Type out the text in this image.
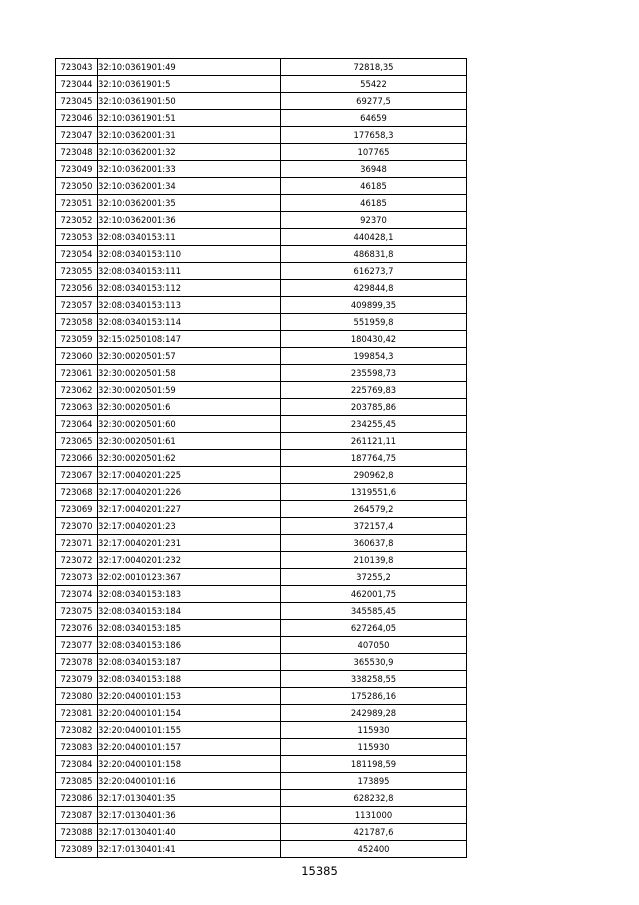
723043	32:10:0361901:49	72818,35
723044	32:10:0361901:5	55422
723045	32:10:0361901:50	69277,5
723046	32:10:0361901:51	64659
723047	32:10:0362001:31	177658,3
723048	32:10:0362001:32	107765
723049	32:10:0362001:33	36948
723050	32:10:0362001:34	46185
723051	32:10:0362001:35	46185
723052	32:10:0362001:36	92370
723053	32:08:0340153:11	440428,1
723054	32:08:0340153:110	486831,8
723055	32:08:0340153:111	616273,7
723056	32:08:0340153:112	429844,8
723057	32:08:0340153:113	409899,35
723058	32:08:0340153:114	551959,8
723059	32:15:0250108:147	180430,42
723060	32:30:0020501:57	199854,3
723061	32:30:0020501:58	235598,73
723062	32:30:0020501:59	225769,83
723063	32:30:0020501:6	203785,86
723064	32:30:0020501:60	234255,45
723065	32:30:0020501:61	261121,11
723066	32:30:0020501:62	187764,75
723067	32:17:0040201:225	290962,8
723068	32:17:0040201:226	1319551,6
723069	32:17:0040201:227	264579,2
723070	32:17:0040201:23	372157,4
723071	32:17:0040201:231	360637,8
723072	32:17:0040201:232	210139,8
723073	32:02:0010123:367	37255,2
723074	32:08:0340153:183	462001,75
723075	32:08:0340153:184	345585,45
723076	32:08:0340153:185	627264,05
723077	32:08:0340153:186	407050
723078	32:08:0340153:187	365530,9
723079	32:08:0340153:188	338258,55
723080	32:20:0400101:153	175286,16
723081	32:20:0400101:154	242989,28
723082	32:20:0400101:155	115930
723083	32:20:0400101:157	115930
723084	32:20:0400101:158	181198,59
723085	32:20:0400101:16	173895
723086	32:17:0130401:35	628232,8
723087	32:17:0130401:36	1131000
723088	32:17:0130401:40	421787,6
723089	32:17:0130401:41	452400
15385
